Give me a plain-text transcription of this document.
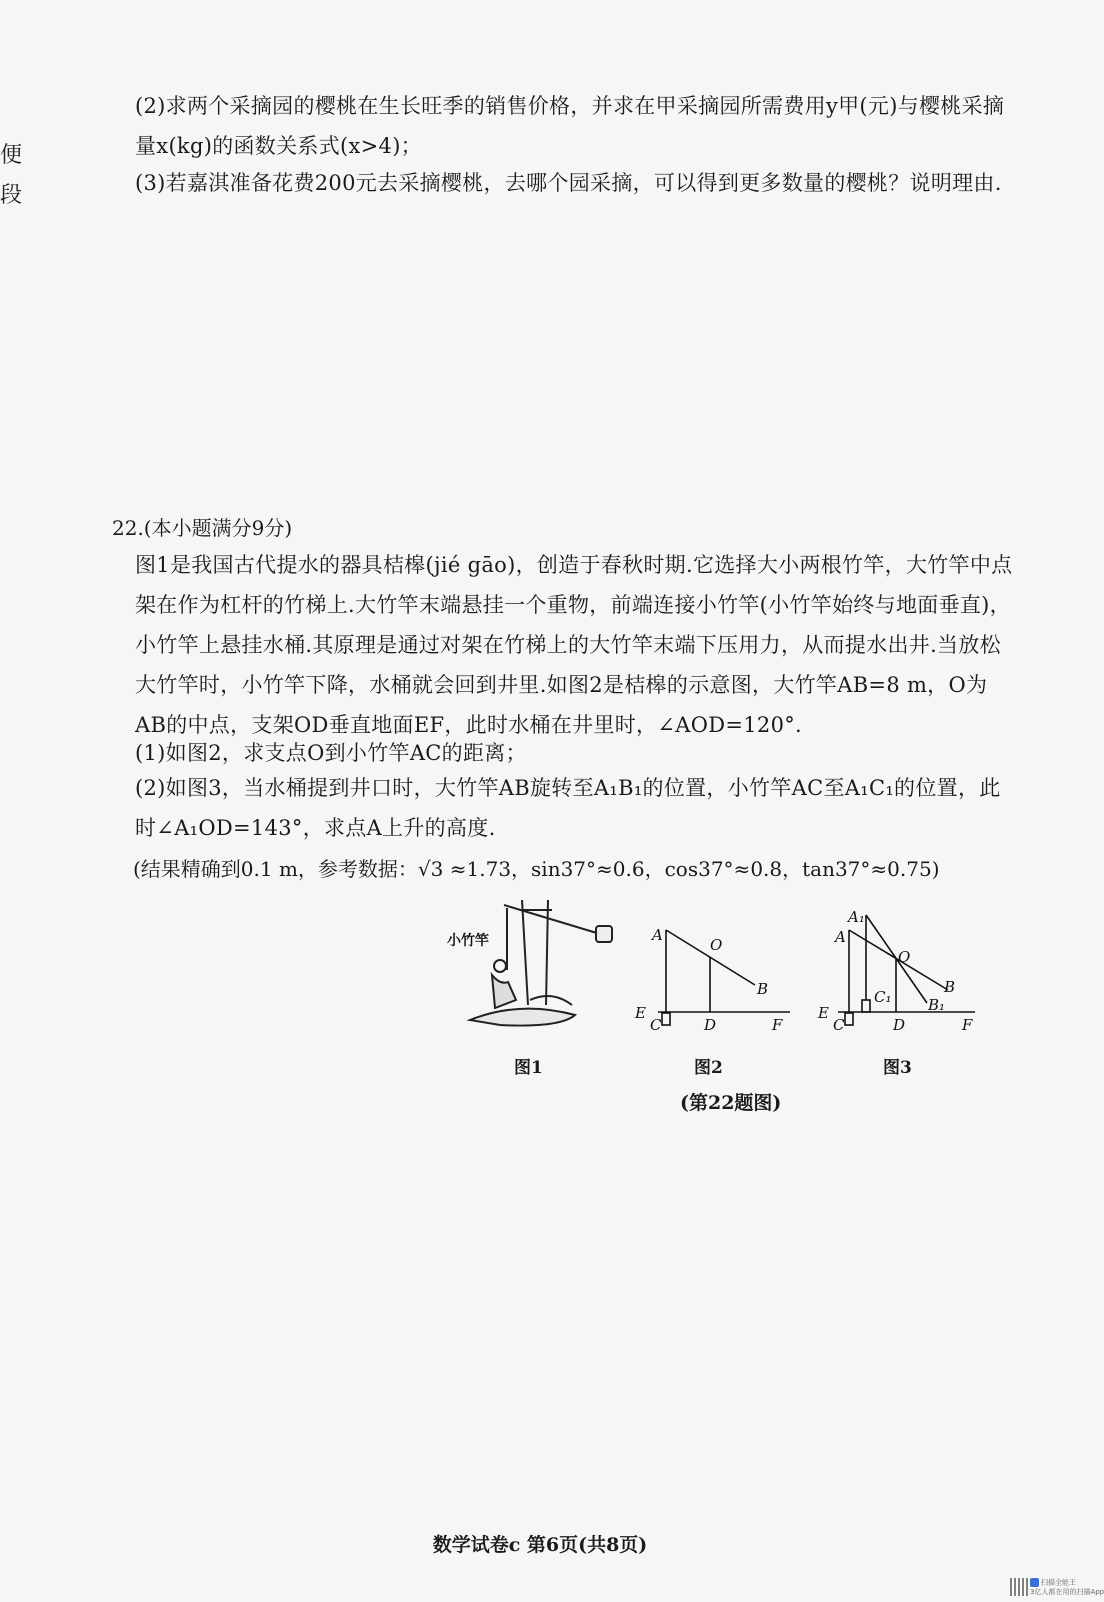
便
段
(2)求两个采摘园的樱桃在生长旺季的销售价格，并求在甲采摘园所需费用y甲(元)与樱桃采摘量x(kg)的函数关系式(x>4)；
(3)若嘉淇准备花费200元去采摘樱桃，去哪个园采摘，可以得到更多数量的樱桃？说明理由.
22.(本小题满分9分)
图1是我国古代提水的器具桔槔(jié gāo)，创造于春秋时期.它选择大小两根竹竿，大竹竿中点架在作为杠杆的竹梯上.大竹竿末端悬挂一个重物，前端连接小竹竿(小竹竿始终与地面垂直)，小竹竿上悬挂水桶.其原理是通过对架在竹梯上的大竹竿末端下压用力，从而提水出井.当放松大竹竿时，小竹竿下降，水桶就会回到井里.如图2是桔槔的示意图，大竹竿AB=8 m，O为AB的中点，支架OD垂直地面EF，此时水桶在井里时，∠AOD=120°.
(1)如图2，求支点O到小竹竿AC的距离；
(2)如图3，当水桶提到井口时，大竹竿AB旋转至A₁B₁的位置，小竹竿AC至A₁C₁的位置，此时∠A₁OD=143°，求点A上升的高度.
(结果精确到0.1 m，参考数据：√3 ≈1.73，sin37°≈0.6，cos37°≈0.8，tan37°≈0.75)
小竹竿	A
O
B
E
C	D	F
A₁
A
O
C₁
B
B₁
E
C	D	F
图1	图2	图3
(第22题图)
数学试卷c 第6页(共8页)
扫描全能王
3亿人都在用的扫描App
